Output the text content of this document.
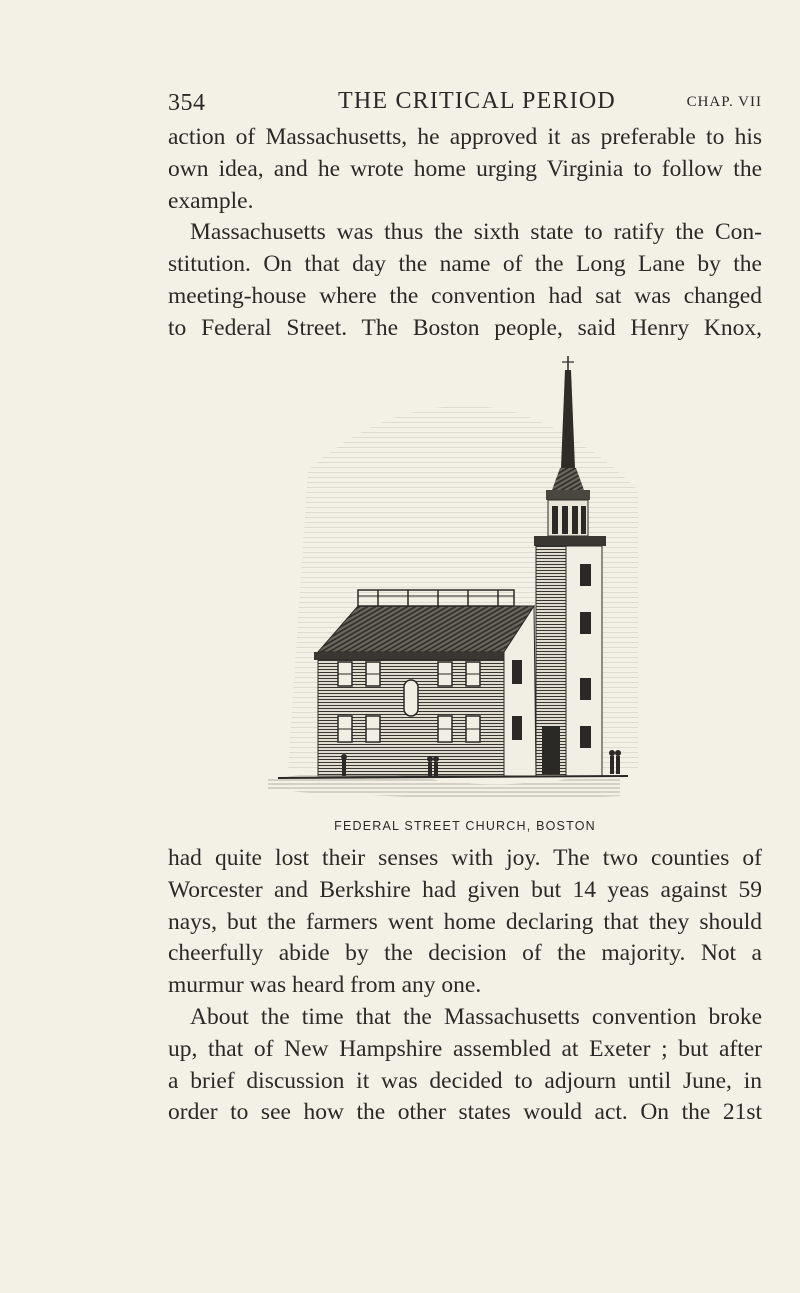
354	THE CRITICAL PERIOD	CHAP. VII

action of Massachusetts, he approved it as preferable to his
own idea, and he wrote home urging Virginia to follow the
example.
Massachusetts was thus the sixth state to ratify the Con-
stitution. On that day the name of the Long Lane by the
meeting-house where the convention had sat was changed
to Federal Street. The Boston people, said Henry Knox,

FEDERAL STREET CHURCH, BOSTON

had quite lost their senses with joy. The two counties of
Worcester and Berkshire had given but 14 yeas against 59
nays, but the farmers went home declaring that they should
cheerfully abide by the decision of the majority. Not a
murmur was heard from any one.
About the time that the Massachusetts convention broke
up, that of New Hampshire assembled at Exeter ; but after
a brief discussion it was decided to adjourn until June, in
order to see how the other states would act. On the 21st
